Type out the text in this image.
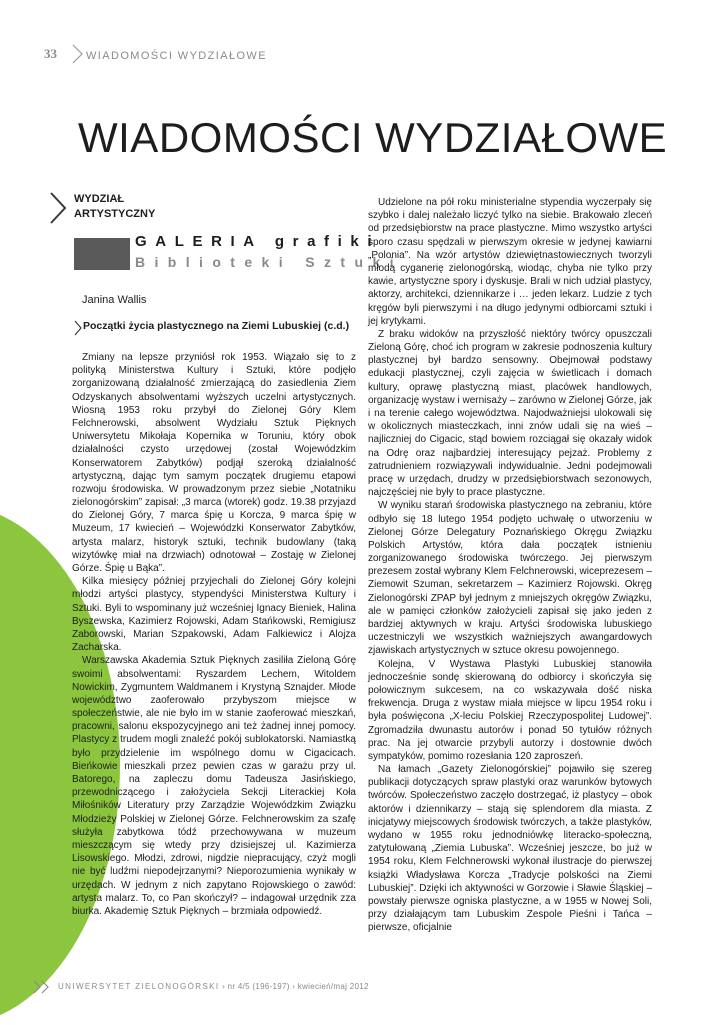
33	WIADOMOŚCI WYDZIAŁOWE
WIADOMOŚCI WYDZIAŁOWE
WYDZIAŁ
ARTYSTYCZNY
GALERIA grafiki
Biblioteki Sztuki
Janina Wallis
Początki życia plastycznego na Ziemi Lubuskiej (c.d.)

Zmiany na lepsze przyniósł rok 1953. Wiązało się to z polityką Ministerstwa Kultury i Sztuki, które podjęło zorganizowaną działalność zmierzającą do zasiedlenia Ziem Odzyskanych absolwentami wyższych uczelni artystycznych. Wiosną 1953 roku przybył do Zielonej Góry Klem Felchnerowski, absolwent Wydziału Sztuk Pięknych Uniwersytetu Mikołaja Kopernika w Toruniu, który obok działalności czysto urzędowej (został Wojewódzkim Konserwatorem Zabytków) podjął szeroką działalność artystyczną, dając tym samym początek drugiemu etapowi rozwoju środowiska. W prowadzonym przez siebie „Notatniku zielonogórskim” zapisał: „3 marca (wtorek) godz. 19.38 przyjazd do Zielonej Góry, 7 marca śpię u Korcza, 9 marca śpię w Muzeum, 17 kwiecień – Wojewódzki Konserwator Zabytków, artysta malarz, historyk sztuki, technik budowlany (taką wizytówkę miał na drzwiach) odnotował – Zostaję w Zielonej Górze. Śpię u Bąka”.

Kilka miesięcy później przyjechali do Zielonej Góry kolejni młodzi artyści plastycy, stypendyści Ministerstwa Kultury i Sztuki. Byli to wspominany już wcześniej Ignacy Bieniek, Halina Byszewska, Kazimierz Rojowski, Adam Stańkowski, Remigiusz Zaborowski, Marian Szpakowski, Adam Falkiewicz i Alojza Zacharska.

Warszawska Akademia Sztuk Pięknych zasiliła Zieloną Górę swoimi absolwentami: Ryszardem Lechem, Witoldem Nowickim, Zygmuntem Waldmanem i Krystyną Sznajder. Młode województwo zaoferowało przybyszom miejsce w społeczeństwie, ale nie było im w stanie zaoferować mieszkań, pracowni, salonu ekspozycyjnego ani też żadnej innej pomocy. Plastycy z trudem mogli znaleźć pokój sublokatorski. Namiastką było przydzielenie im wspólnego domu w Cigacicach. Bieńkowie mieszkali przez pewien czas w garażu przy ul. Batorego, na zapleczu domu Tadeusza Jasińskiego, przewodniczącego i założyciela Sekcji Literackiej Koła Miłośników Literatury przy Zarządzie Wojewódzkim Związku Młodzieży Polskiej w Zielonej Górze. Felchnerowskim za szafę służyła zabytkowa tódź przechowywana w muzeum mieszczącym się wtedy przy dzisiejszej ul. Kazimierza Lisowskiego. Młodzi, zdrowi, nigdzie niepracujący, czyż mogli nie być ludźmi niepodejrzanymi? Nieporozumienia wynikały w urzędach. W jednym z nich zapytano Rojowskiego o zawód: artysta malarz. To, co Pan skończył? – indagował urzędnik zza biurka. Akademię Sztuk Pięknych – brzmiała odpowiedź.

Udzielone na pół roku ministerialne stypendia wyczerpały się szybko i dalej należało liczyć tylko na siebie. Brakowało zleceń od przedsiębiorstw na prace plastyczne. Mimo wszystko artyści sporo czasu spędzali w pierwszym okresie w jedynej kawiarni „Polonia”. Na wzór artystów dziewiętnastowiecznych tworzyli młodą cyganerię zielonogórską, wiodąc, chyba nie tylko przy kawie, artystyczne spory i dyskusje. Brali w nich udział plastycy, aktorzy, architekci, dziennikarze i … jeden lekarz. Ludzie z tych kręgów byli pierwszymi i na długo jedynymi odbiorcami sztuki i jej krytykami.

Z braku widoków na przyszłość niektóry twórcy opuszczali Zieloną Górę, choć ich program w zakresie podnoszenia kultury plastycznej był bardzo sensowny. Obejmował podstawy edukacji plastycznej, czyli zajęcia w świetlicach i domach kultury, oprawę plastyczną miast, placówek handlowych, organizację wystaw i wernisaży – zarówno w Zielonej Górze, jak i na terenie całego województwa. Najodważniejsi ulokowali się w okolicznych miasteczkach, inni znów udali się na wieś – najliczniej do Cigacic, stąd bowiem rozciągał się okazały widok na Odrę oraz najbardziej interesujący pejzaż. Problemy z zatrudnieniem rozwiązywali indywidualnie. Jedni podejmowali pracę w urzędach, drudzy w przedsiębiorstwach sezonowych, najczęściej nie były to prace plastyczne.

W wyniku starań środowiska plastycznego na zebraniu, które odbyło się 18 lutego 1954 podjęto uchwałę o utworzeniu w Zielonej Górze Delegatury Poznańskiego Okręgu Związku Polskich Artystów, która dała początek istnieniu zorganizowanego środowiska twórczego. Jej pierwszym prezesem został wybrany Klem Felchnerowski, wiceprezesem – Ziemowit Szuman, sekretarzem – Kazimierz Rojowski. Okręg Zielonogórski ZPAP był jednym z mniejszych okręgów Związku, ale w pamięci członków założycieli zapisał się jako jeden z bardziej aktywnych w kraju. Artyści środowiska lubuskiego uczestniczyli we wszystkich ważniejszych awangardowych zjawiskach artystycznych w sztuce okresu powojennego.

Kolejna, V Wystawa Plastyki Lubuskiej stanowiła jednocześnie sondę skierowaną do odbiorcy i skończyła się połowicznym sukcesem, na co wskazywała dość niska frekwencja. Druga z wystaw miała miejsce w lipcu 1954 roku i była poświęcona „X-leciu Polskiej Rzeczypospolitej Ludowej”. Zgromadziła dwunastu autorów i ponad 50 tytułów różnych prac. Na jej otwarcie przybyli autorzy i dostownie dwóch sympatyków, pomimo rozesłania 120 zaproszeń.

Na łamach „Gazety Zielonogórskiej” pojawiło się szereg publikacji dotyczących spraw plastyki oraz warunków bytowych twórców. Społeczeństwo zaczęło dostrzegać, iż plastycy – obok aktorów i dziennikarzy – stają się splendorem dla miasta. Z inicjatywy miejscowych środowisk twórczych, a także plastyków, wydano w 1955 roku jednodniówkę literacko-społeczną, zatytułowaną „Ziemia Lubuska”. Wcześniej jeszcze, bo już w 1954 roku, Klem Felchnerowski wykonał ilustracje do pierwszej książki Władysława Korcza „Tradycje polskości na Ziemi Lubuskiej”. Dzięki ich aktywności w Gorzowie i Sławie Śląskiej – powstały pierwsze ogniska plastyczne, a w 1955 w Nowej Soli, przy działającym tam Lubuskim Zespole Pieśni i Tańca – pierwsze, oficjalnie

UNIWERSYTET ZIELONOGÓRSKI › nr 4/5 (196-197) › kwiecień/maj 2012
